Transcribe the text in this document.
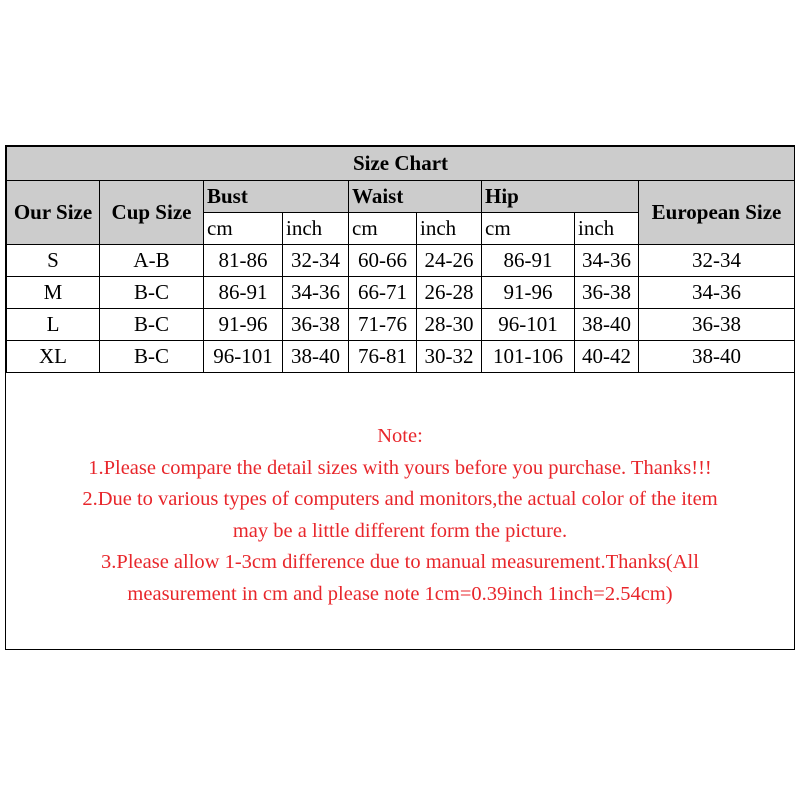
Size Chart								
Our Size	Cup Size	Bust		Waist		Hip		European Size
		cm	inch	cm	inch	cm	inch	
S	A-B	81-86	32-34	60-66	24-26	86-91	34-36	32-34
M	B-C	86-91	34-36	66-71	26-28	91-96	36-38	34-36
L	B-C	91-96	36-38	71-76	28-30	96-101	38-40	36-38
XL	B-C	96-101	38-40	76-81	30-32	101-106	40-42	38-40
Note:
1.Please compare the detail sizes with yours before you purchase. Thanks!!!
2.Due to various types of computers and monitors,the actual color of the item
may be a little different form the picture.
3.Please allow 1-3cm difference due to manual measurement.Thanks(All
measurement in cm and please note 1cm=0.39inch 1inch=2.54cm)
